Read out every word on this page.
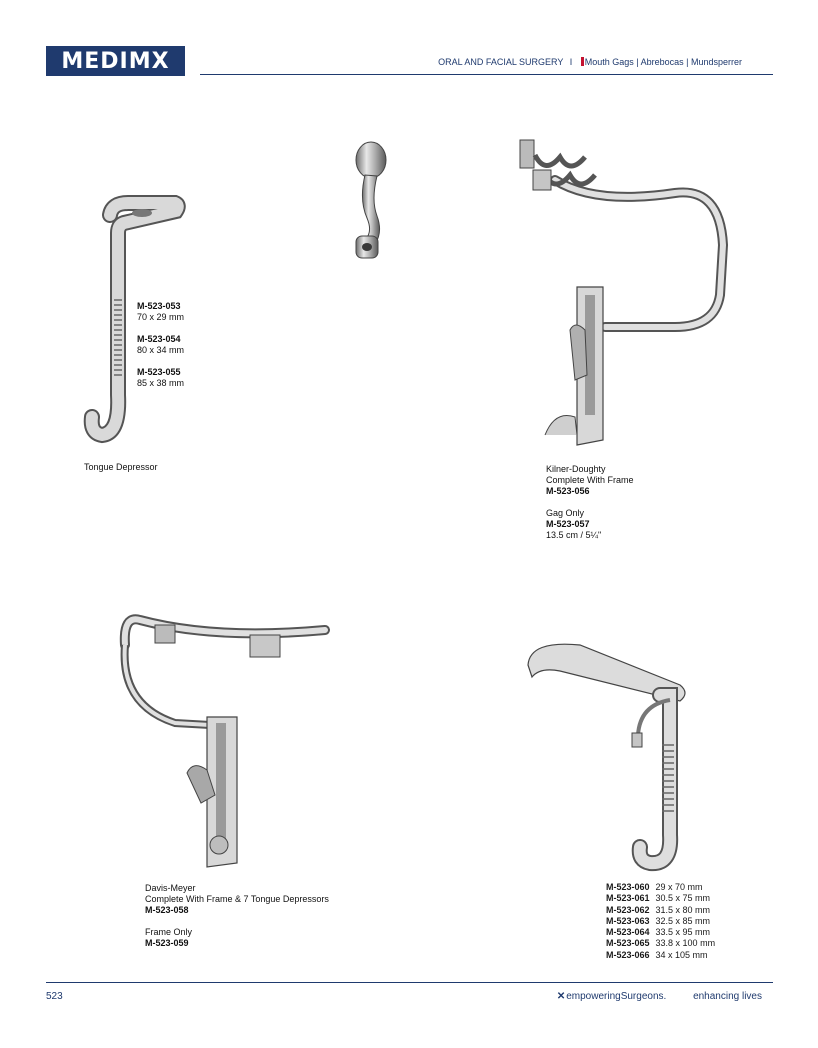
MEDIMX	ORAL AND FACIAL SURGERY I Mouth Gags | Abrebocas | Mundsperrer
M-523-053
70 x 29 mm
M-523-054
80 x 34 mm
M-523-055
85 x 38 mm
Tongue Depressor	Kilner-Doughty
Complete With Frame
M-523-056
Gag Only
M-523-057
13.5 cm / 5¼"
Davis-Meyer
Complete With Frame & 7 Tongue Depressors
M-523-058
Frame Only
M-523-059
M-523-060	29 x 70 mm
M-523-061	30.5 x 75 mm
M-523-062	31.5 x 80 mm
M-523-063	32.5 x 85 mm
M-523-064	33.5 x 95 mm
M-523-065	33.8 x 100 mm
M-523-066	34 x 105 mm
523	✕empoweringSurgeons.	enhancing lives
